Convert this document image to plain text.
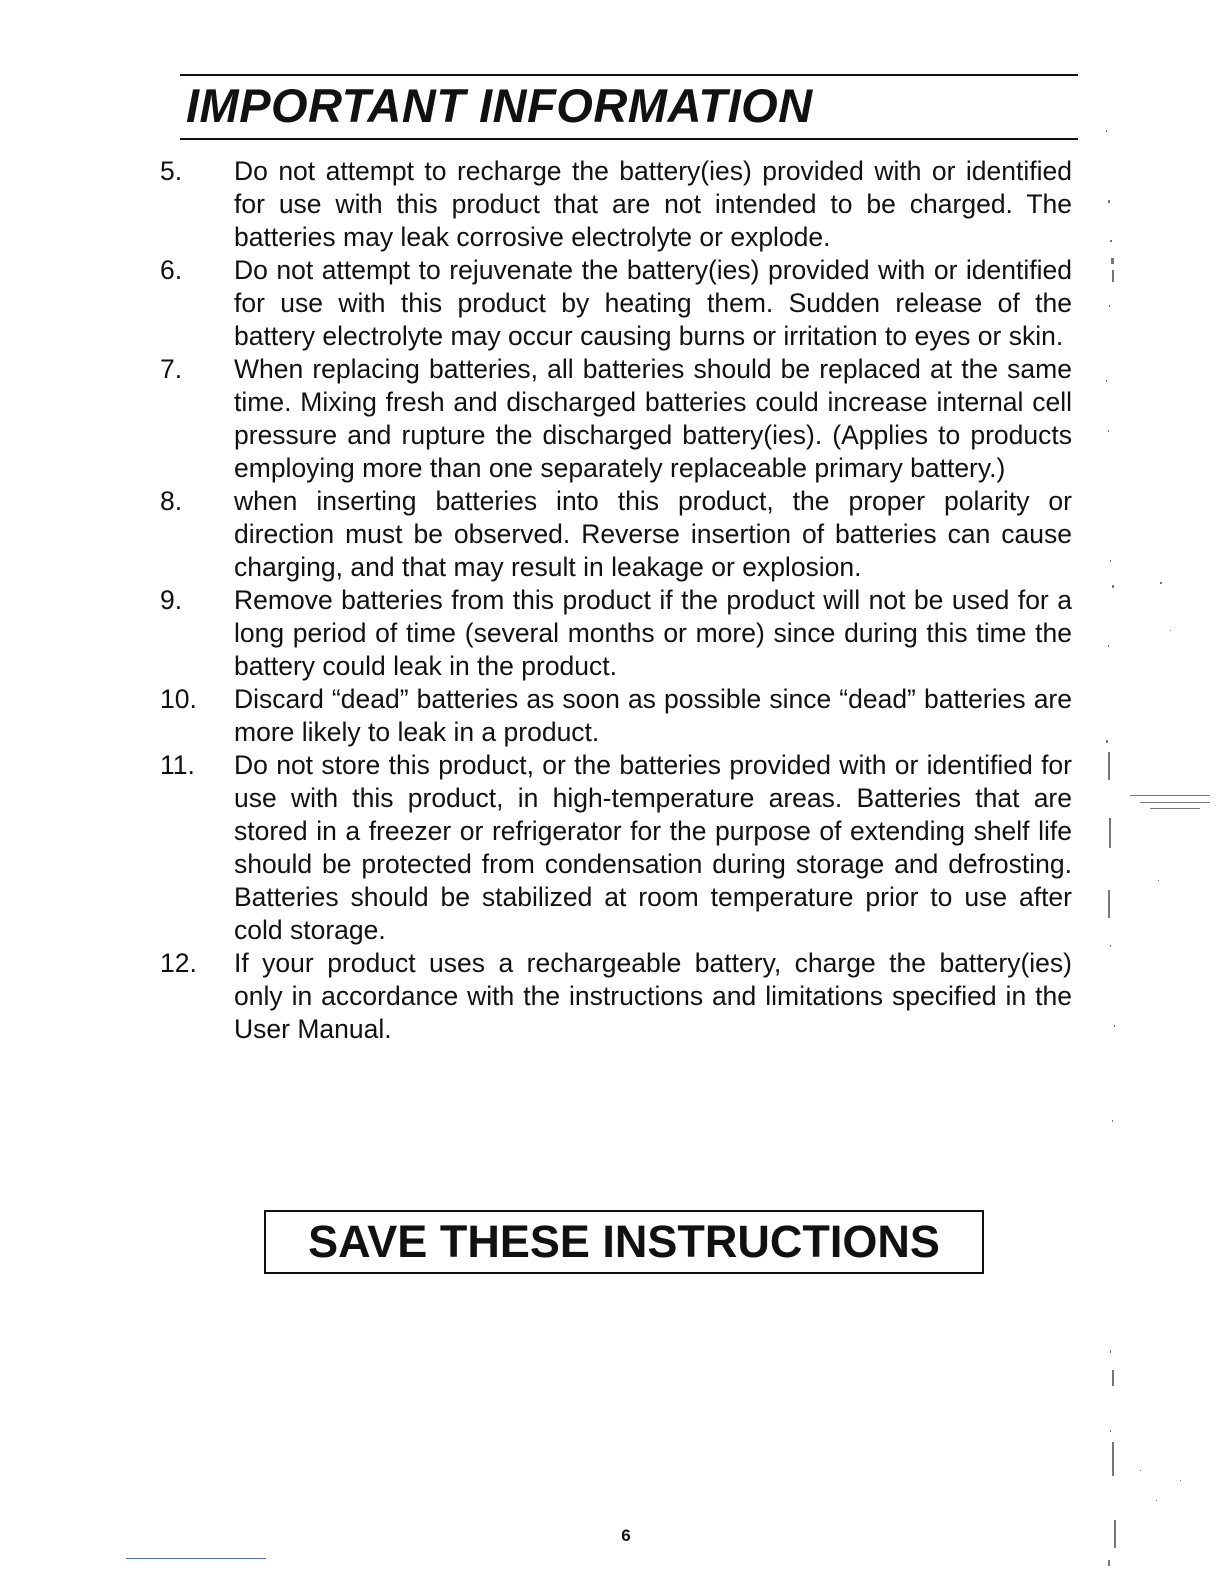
IMPORTANT INFORMATION
5.	Do not attempt to recharge the battery(ies) provided with or identified for use with this product that are not intended to be charged. The batteries may leak corrosive electrolyte or explode.
6.	Do not attempt to rejuvenate the battery(ies) provided with or identified for use with this product by heating them. Sudden release of the battery electrolyte may occur causing burns or irritation to eyes or skin.
7.	When replacing batteries, all batteries should be replaced at the same time. Mixing fresh and discharged batteries could increase internal cell pressure and rupture the discharged battery(ies). (Applies to products employing more than one separately replaceable primary battery.)
8.	when inserting batteries into this product, the proper polarity or direction must be observed. Reverse insertion of batteries can cause charging, and that may result in leakage or explosion.
9.	Remove batteries from this product if the product will not be used for a long period of time (several months or more) since during this time the battery could leak in the product.
10.	Discard “dead” batteries as soon as possible since “dead” batteries are more likely to leak in a product.
11.	Do not store this product, or the batteries provided with or identified for use with this product, in high-temperature areas. Batteries that are stored in a freezer or refrigerator for the purpose of extending shelf life should be protected from condensation during storage and defrosting. Batteries should be stabilized at room temperature prior to use after cold storage.
12.	If your product uses a rechargeable battery, charge the battery(ies) only in accordance with the instructions and limitations specified in the User Manual.
SAVE THESE INSTRUCTIONS
6
